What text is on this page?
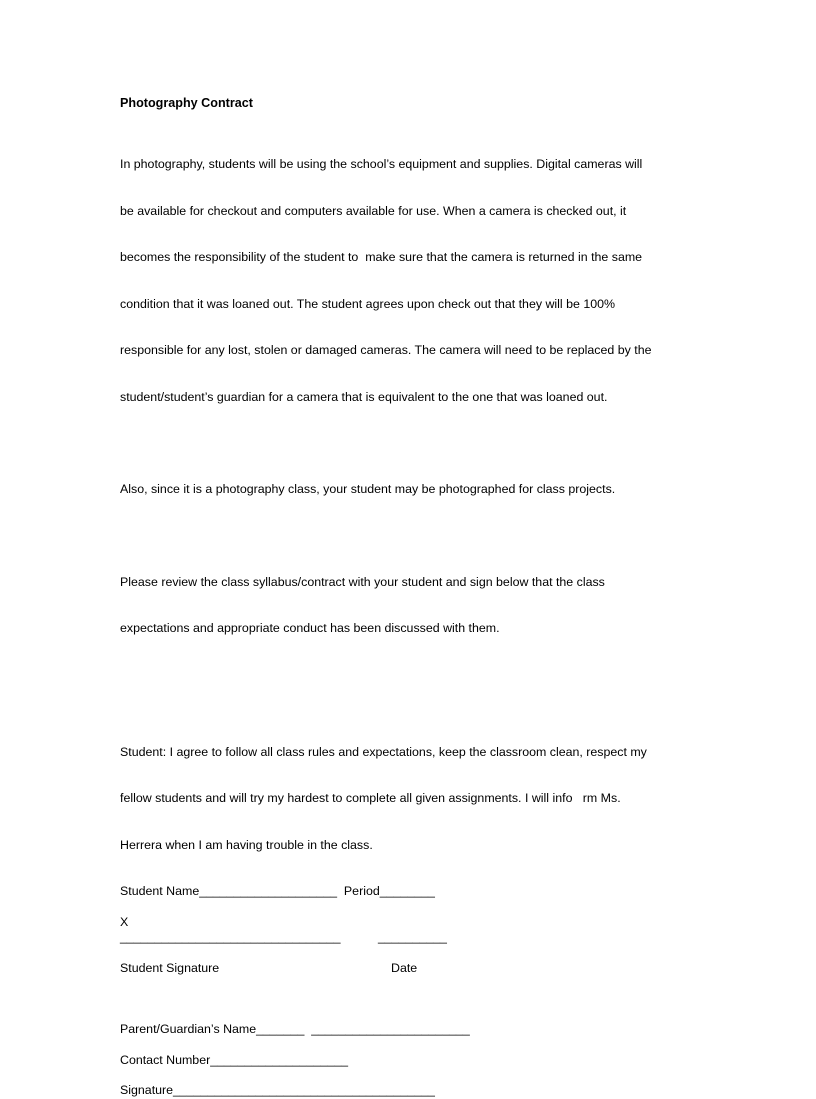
Photography Contract

In photography, students will be using the school’s equipment and supplies. Digital cameras will

be available for checkout and computers available for use. When a camera is checked out, it

becomes the responsibility of the student to  make sure that the camera is returned in the same

condition that it was loaned out. The student agrees upon check out that they will be 100%

responsible for any lost, stolen or damaged cameras. The camera will need to be replaced by the

student/student’s guardian for a camera that is equivalent to the one that was loaned out.

Also, since it is a photography class, your student may be photographed for class projects.

Please review the class syllabus/contract with your student and sign below that the class

expectations and appropriate conduct has been discussed with them.

Student: I agree to follow all class rules and expectations, keep the classroom clean, respect my

fellow students and will try my hardest to complete all given assignments. I will info   rm Ms.

Herrera when I am having trouble in the class.

Student Name____________________  Period________
X

________________________________

	__________

Student Signature

	Date

Parent/Guardian’s Name_______  _______________________
Contact Number____________________
Signature______________________________________
